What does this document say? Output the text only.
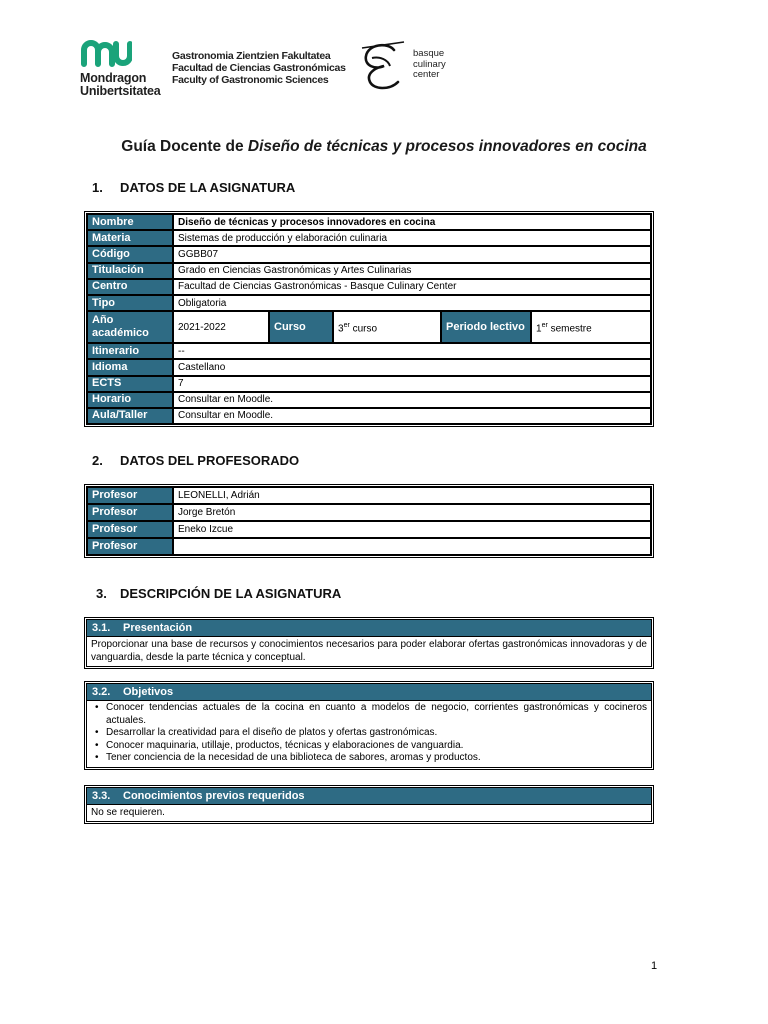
Mondragon
Unibertsitatea
Gastronomia Zientzien Fakultatea
Facultad de Ciencias Gastronómicas
Faculty of Gastronomic Sciences
basque
culinary
center
Guía Docente de Diseño de técnicas y procesos innovadores en cocina
1. DATOS DE LA ASIGNATURA
Nombre	Diseño de técnicas y procesos innovadores en cocina				
Materia	Sistemas de producción y elaboración culinaria				
Código	GGBB07				
Titulación	Grado en Ciencias Gastronómicas y Artes Culinarias				
Centro	Facultad de Ciencias Gastronómicas - Basque Culinary Center				
Tipo	Obligatoria				
Año académico	2021-2022	Curso	3er curso	Periodo lectivo	1er semestre
Itinerario	--				
Idioma	Castellano				
ECTS	7				
Horario	Consultar en Moodle.				
Aula/Taller	Consultar en Moodle.				
2. DATOS DEL PROFESORADO
Profesor	LEONELLI, Adrián
Profesor	Jorge Bretón
Profesor	Eneko Izcue
Profesor	
3. DESCRIPCIÓN DE LA ASIGNATURA
3.1. Presentación
Proporcionar una base de recursos y conocimientos necesarios para poder elaborar ofertas gastronómicas innovadoras y de vanguardia, desde la parte técnica y conceptual.
3.2. Objetivos
• Conocer tendencias actuales de la cocina en cuanto a modelos de negocio, corrientes gastronómicas y cocineros actuales.
• Desarrollar la creatividad para el diseño de platos y ofertas gastronómicas.
• Conocer maquinaria, utillaje, productos, técnicas y elaboraciones de vanguardia.
• Tener conciencia de la necesidad de una biblioteca de sabores, aromas y productos.
3.3. Conocimientos previos requeridos
No se requieren.
1
